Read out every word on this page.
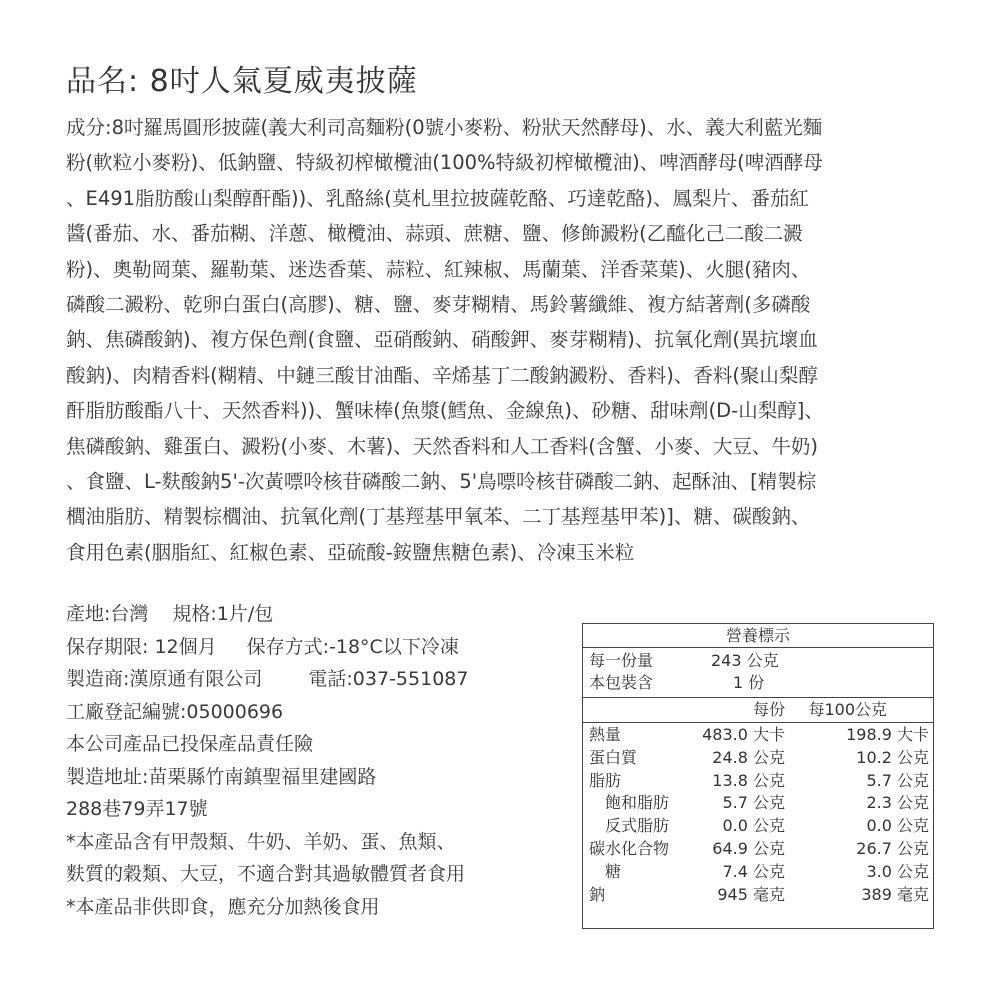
品名: 8吋人氣夏威夷披薩
成分:8吋羅馬圓形披薩(義大利司高麵粉(0號小麥粉、粉狀天然酵母)、水、義大利藍光麵
粉(軟粒小麥粉)、低鈉鹽、特級初榨橄欖油(100%特級初榨橄欖油)、啤酒酵母(啤酒酵母
、E491脂肪酸山梨醇酐酯))、乳酪絲(莫札里拉披薩乾酪、巧達乾酪)、鳳梨片、番茄紅
醬(番茄、水、番茄糊、洋蔥、橄欖油、蒜頭、蔗糖、鹽、修飾澱粉(乙醯化己二酸二澱
粉)、奧勒岡葉、羅勒葉、迷迭香葉、蒜粒、紅辣椒、馬蘭葉、洋香菜葉)、火腿(豬肉、
磷酸二澱粉、乾卵白蛋白(高膠)、糖、鹽、麥芽糊精、馬鈴薯纖維、複方結著劑(多磷酸
鈉、焦磷酸鈉)、複方保色劑(食鹽、亞硝酸鈉、硝酸鉀、麥芽糊精)、抗氧化劑(異抗壞血
酸鈉)、肉精香料(糊精、中鏈三酸甘油酯、辛烯基丁二酸鈉澱粉、香料)、香料(聚山梨醇
酐脂肪酸酯八十、天然香料))、蟹味棒(魚漿(鱈魚、金線魚)、砂糖、甜味劑(D-山梨醇]、
焦磷酸鈉、雞蛋白、澱粉(小麥、木薯)、天然香料和人工香料(含蟹、小麥、大豆、牛奶)
、食鹽、L-麩酸鈉5'-次黃嘌呤核苷磷酸二鈉、5'鳥嘌呤核苷磷酸二鈉、起酥油、[精製棕
櫚油脂肪、精製棕櫚油、抗氧化劑(丁基羥基甲氧苯、二丁基羥基甲苯)]、糖、碳酸鈉、
食用色素(胭脂紅、紅椒色素、亞硫酸-銨鹽焦糖色素)、冷凍玉米粒
產地:台灣 規格:1片/包
保存期限: 12個月 保存方式:-18°C以下冷凍
製造商:漢原通有限公司 電話:037-551087
工廠登記編號:05000696
本公司產品已投保產品責任險
製造地址:苗栗縣竹南鎮聖福里建國路
288巷79弄17號
*本產品含有甲殼類、牛奶、羊奶、蛋、魚類、
麩質的穀類、大豆，不適合對其過敏體質者食用
*本產品非供即食，應充分加熱後食用
營養標示
每一份量	243 公克
本包裝含	1 份
每份 每100公克
熱量	483.0 大卡	198.9 大卡
蛋白質	24.8 公克	10.2 公克
脂肪	13.8 公克	5.7 公克
飽和脂肪	5.7 公克	2.3 公克
反式脂肪	0.0 公克	0.0 公克
碳水化合物	64.9 公克	26.7 公克
糖	7.4 公克	3.0 公克
鈉	945 毫克	389 毫克
